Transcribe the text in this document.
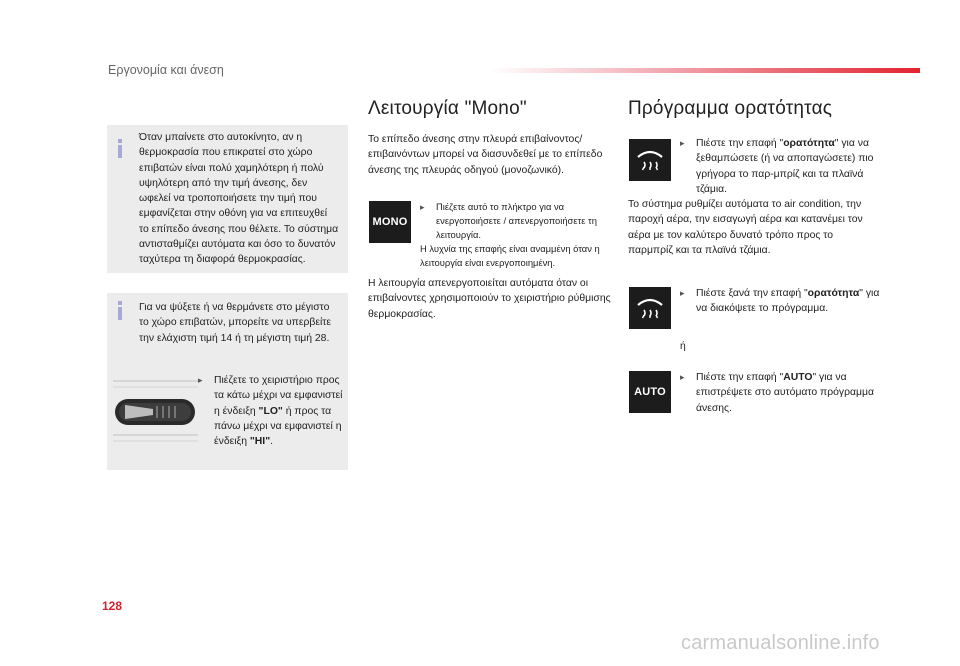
Εργονομία και άνεση
Όταν μπαίνετε στο αυτοκίνητο, αν η θερμοκρασία που επικρατεί στο χώρο επιβατών είναι πολύ χαμηλότερη ή πολύ υψηλότερη από την τιμή άνεσης, δεν ωφελεί να τροποποιήσετε την τιμή που εμφανίζεται στην οθόνη για να επιτευχθεί το επίπεδο άνεσης που θέλετε. Το σύστημα αντισταθμίζει αυτόματα και όσο το δυνατόν ταχύτερα τη διαφορά θερμοκρασίας.
Για να ψύξετε ή να θερμάνετε στο μέγιστο το χώρο επιβατών, μπορείτε να υπερβείτε την ελάχιστη τιμή 14 ή τη μέγιστη τιμή 28.
▸ Πιέζετε το χειριστήριο προς τα κάτω μέχρι να εμφανιστεί η ένδειξη "LO" ή προς τα πάνω μέχρι να εμφανιστεί η ένδειξη "HI".
Λειτουργία "Mono"
Το επίπεδο άνεσης στην πλευρά επιβαίνοντος/επιβαινόντων μπορεί να διασυνδεθεί με το επίπεδο άνεσης της πλευράς οδηγού (μονοζωνικό).
MONO
▸ Πιέζετε αυτό το πλήκτρο για να ενεργοποιήσετε / απενεργοποιήσετε τη λειτουργία.
Η λυχνία της επαφής είναι αναμμένη όταν η λειτουργία είναι ενεργοποιημένη.
Η λειτουργία απενεργοποιείται αυτόματα όταν οι επιβαίνοντες χρησιμοποιούν το χειριστήριο ρύθμισης θερμοκρασίας.
Πρόγραμμα ορατότητας
▸ Πιέστε την επαφή "ορατότητα" για να ξεθαμπώσετε (ή να αποπαγώσετε) πιο γρήγορα το παρ-μπρίζ και τα πλαϊνά τζάμια.
Το σύστημα ρυθμίζει αυτόματα το air condition, την παροχή αέρα, την εισαγωγή αέρα και κατανέμει τον αέρα με τον καλύτερο δυνατό τρόπο προς το παρμπρίζ και τα πλαϊνά τζάμια.
▸ Πιέστε ξανά την επαφή "ορατότητα" για να διακόψετε το πρόγραμμα.
ή
AUTO
▸ Πιέστε την επαφή "AUTO" για να επιστρέψετε στο αυτόματο πρόγραμμα άνεσης.
128
carmanualsonline.info
